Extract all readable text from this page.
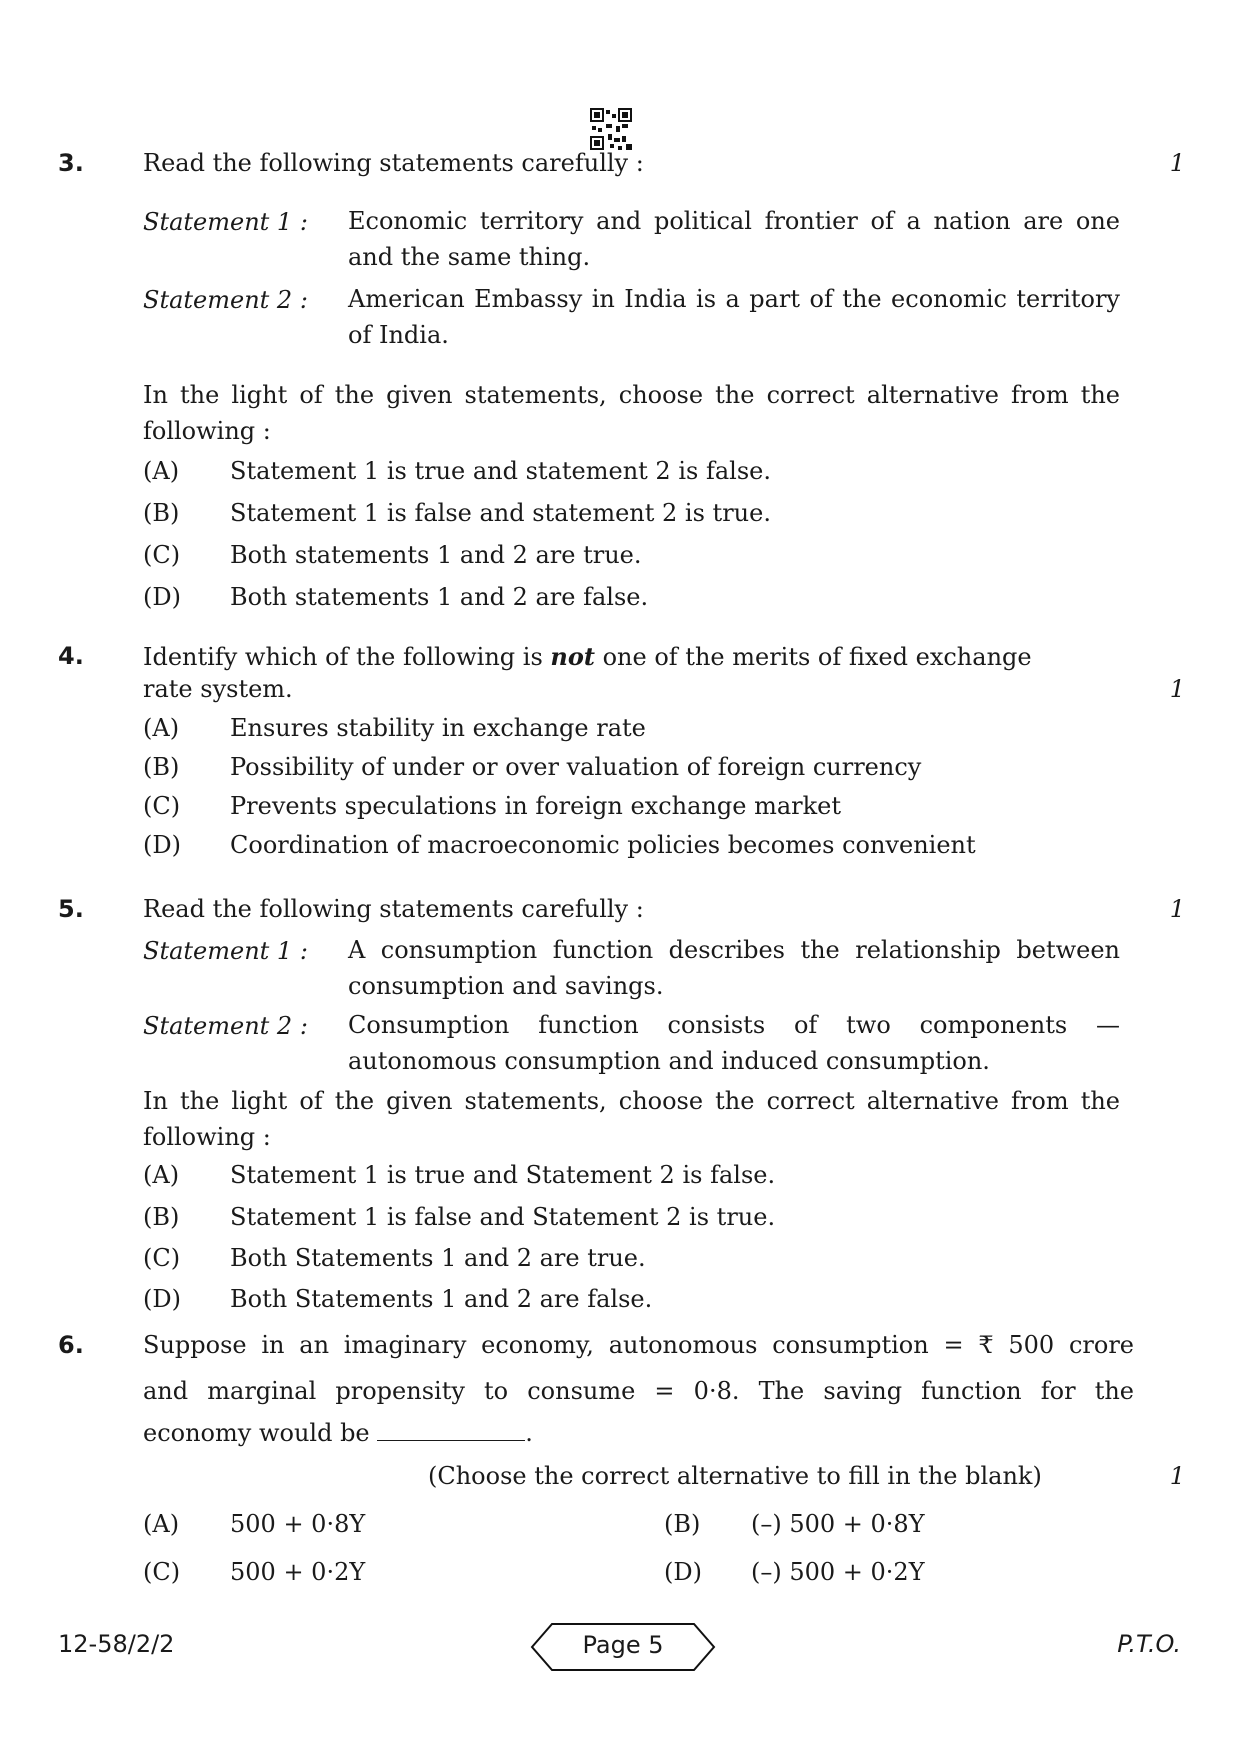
3. Read the following statements carefully :	1
Statement 1 : Economic territory and political frontier of a nation are one and the same thing.
Statement 2 : American Embassy in India is a part of the economic territory of India.
In the light of the given statements, choose the correct alternative from the following :
(A) Statement 1 is true and statement 2 is false.
(B) Statement 1 is false and statement 2 is true.
(C) Both statements 1 and 2 are true.
(D) Both statements 1 and 2 are false.
4. Identify which of the following is not one of the merits of fixed exchange
rate system.	1
(A) Ensures stability in exchange rate
(B) Possibility of under or over valuation of foreign currency
(C) Prevents speculations in foreign exchange market
(D) Coordination of macroeconomic policies becomes convenient
5. Read the following statements carefully :	1
Statement 1 : A consumption function describes the relationship between consumption and savings.
Statement 2 : Consumption function consists of two components — autonomous consumption and induced consumption.
In the light of the given statements, choose the correct alternative from the following :
(A) Statement 1 is true and Statement 2 is false.
(B) Statement 1 is false and Statement 2 is true.
(C) Both Statements 1 and 2 are true.
(D) Both Statements 1 and 2 are false.
6. Suppose in an imaginary economy, autonomous consumption = ₹ 500 crore
and marginal propensity to consume = 0·8. The saving function for the
economy would be	.
(Choose the correct alternative to fill in the blank)	1
(A) 500 + 0·8Y	(B) (–) 500 + 0·8Y
(C) 500 + 0·2Y	(D) (–) 500 + 0·2Y
12-58/2/2	Page 5	P.T.O.
